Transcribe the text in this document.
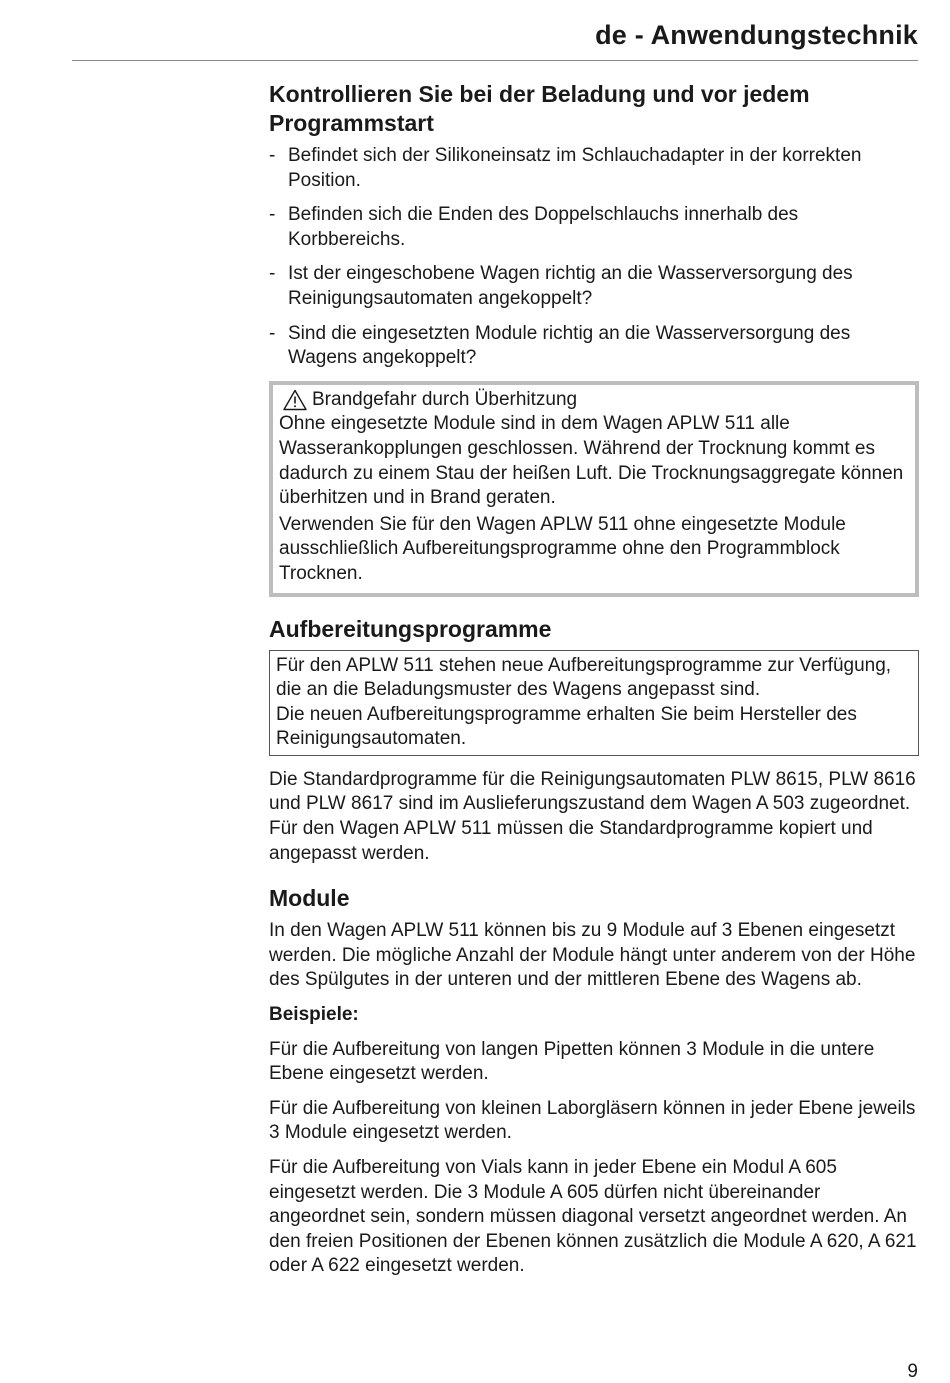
de - Anwendungstechnik
Kontrollieren Sie bei der Beladung und vor jedem Programmstart
- Befindet sich der Silikoneinsatz im Schlauchadapter in der korrekten Position.
- Befinden sich die Enden des Doppelschlauchs innerhalb des Korbbereichs.
- Ist der eingeschobene Wagen richtig an die Wasserversorgung des Reinigungsautomaten angekoppelt?
- Sind die eingesetzten Module richtig an die Wasserversorgung des Wagens angekoppelt?
Brandgefahr durch Überhitzung

Ohne eingesetzte Module sind in dem Wagen APLW 511 alle Wasserankopplungen geschlossen. Während der Trocknung kommt es dadurch zu einem Stau der heißen Luft. Die Trocknungsaggregate können überhitzen und in Brand geraten.

Verwenden Sie für den Wagen APLW 511 ohne eingesetzte Module ausschließlich Aufbereitungsprogramme ohne den Programmblock Trocknen.

Aufbereitungsprogramme

Für den APLW 511 stehen neue Aufbereitungsprogramme zur Verfügung, die an die Beladungsmuster des Wagens angepasst sind.

Die neuen Aufbereitungsprogramme erhalten Sie beim Hersteller des Reinigungsautomaten.

Die Standardprogramme für die Reinigungsautomaten PLW 8615, PLW 8616 und PLW 8617 sind im Auslieferungszustand dem Wagen A 503 zugeordnet. Für den Wagen APLW 511 müssen die Standardprogramme kopiert und angepasst werden.

Module

In den Wagen APLW 511 können bis zu 9 Module auf 3 Ebenen eingesetzt werden. Die mögliche Anzahl der Module hängt unter anderem von der Höhe des Spülgutes in der unteren und der mittleren Ebene des Wagens ab.

Beispiele:

Für die Aufbereitung von langen Pipetten können 3 Module in die untere Ebene eingesetzt werden.

Für die Aufbereitung von kleinen Laborgläsern können in jeder Ebene jeweils 3 Module eingesetzt werden.

Für die Aufbereitung von Vials kann in jeder Ebene ein Modul A 605 eingesetzt werden. Die 3 Module A 605 dürfen nicht übereinander angeordnet sein, sondern müssen diagonal versetzt angeordnet werden. An den freien Positionen der Ebenen können zusätzlich die Module A 620, A 621 oder A 622 eingesetzt werden.

9
